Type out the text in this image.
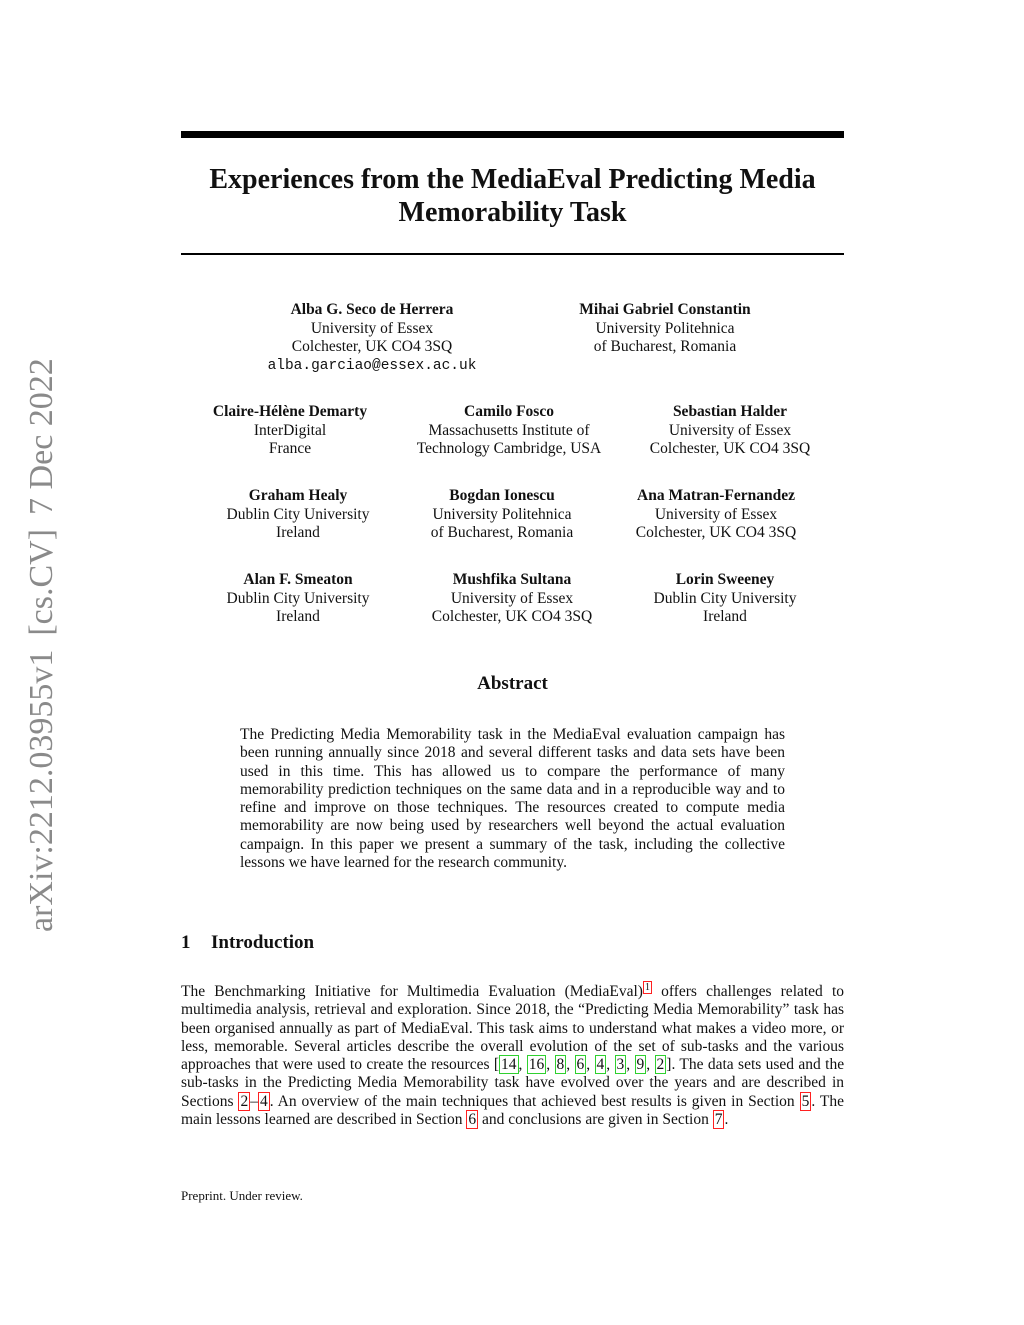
arXiv:2212.03955v1[cs.CV]7 Dec 2022
Experiences from the MediaEval Predicting Media Memorability Task
Alba G. Seco de Herrera
University of Essex
Colchester, UK CO4 3SQ
alba.garciao@essex.ac.uk
Mihai Gabriel Constantin
University Politehnica
of Bucharest, Romania
Claire-Hélène Demarty
InterDigital
France
Camilo Fosco
Massachusetts Institute of
Technology Cambridge, USA
Sebastian Halder
University of Essex
Colchester, UK CO4 3SQ
Graham Healy
Dublin City University
Ireland
Bogdan Ionescu
University Politehnica
of Bucharest, Romania
Ana Matran-Fernandez
University of Essex
Colchester, UK CO4 3SQ
Alan F. Smeaton
Dublin City University
Ireland
Mushfika Sultana
University of Essex
Colchester, UK CO4 3SQ
Lorin Sweeney
Dublin City University
Ireland
Abstract

The Predicting Media Memorability task in the MediaEval evaluation campaign has been running annually since 2018 and several different tasks and data sets have been used in this time. This has allowed us to compare the performance of many memorability prediction techniques on the same data and in a reproducible way and to refine and improve on those techniques. The resources created to compute media memorability are now being used by researchers well beyond the actual evaluation campaign. In this paper we present a summary of the task, including the collective lessons we have learned for the research community.

1 Introduction

The Benchmarking Initiative for Multimedia Evaluation (MediaEval) $^1$ offers challenges related to multimedia analysis, retrieval and exploration. Since 2018, the “Predicting Media Memorability” task has been organised annually as part of MediaEval. This task aims to understand what makes a video more, or less, memorable. Several articles describe the overall evolution of the set of sub-tasks and the various approaches that were used to create the resources [ 14 , 16 , 8 , 6 , 4 , 3 , 9 , 2 ]. The data sets used and the sub-tasks in the Predicting Media Memorability task have evolved over the years and are described in Sections 2 – 4 . An overview of the main techniques that achieved best results is given in Section 5 . The main lessons learned are described in Section 6 and conclusions are given in Section 7 .

Preprint. Under review.
